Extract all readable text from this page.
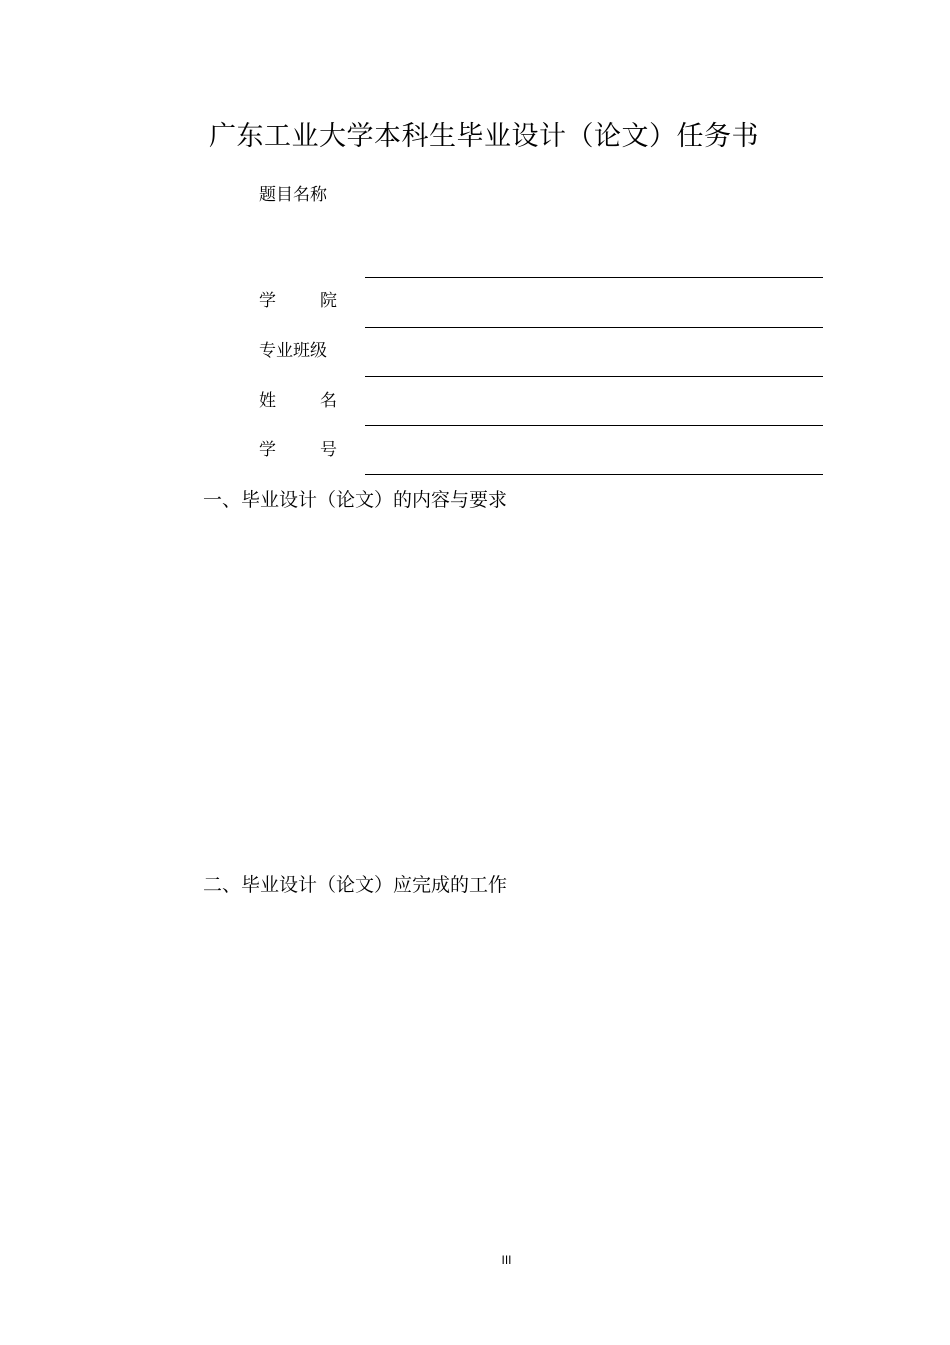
广东工业大学本科生毕业设计（论文）任务书
题目名称
学　院
专业班级
姓　名
学　号
一、毕业设计（论文）的内容与要求
二、毕业设计（论文）应完成的工作
III
